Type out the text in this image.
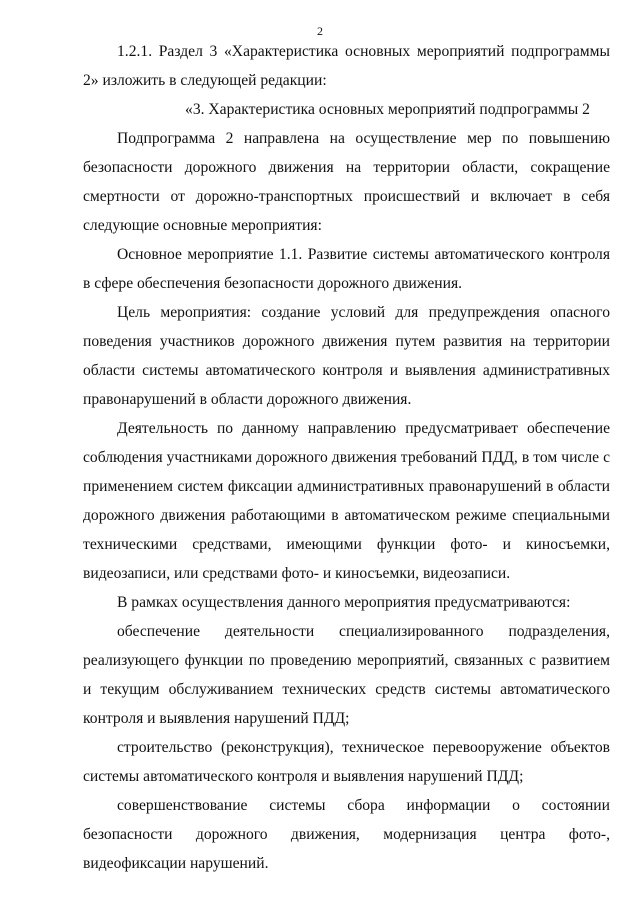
2

1.2.1. Раздел 3 «Характеристика основных мероприятий подпрограммы 2» изложить в следующей редакции:

«3. Характеристика основных мероприятий подпрограммы 2

Подпрограмма 2 направлена на осуществление мер по повышению безопасности дорожного движения на территории области, сокращение смертности от дорожно-транспортных происшествий и включает в себя следующие основные мероприятия:

Основное мероприятие 1.1. Развитие системы автоматического контроля в сфере обеспечения безопасности дорожного движения.

Цель мероприятия: создание условий для предупреждения опасного поведения участников дорожного движения путем развития на территории области системы автоматического контроля и выявления административных правонарушений в области дорожного движения.

Деятельность по данному направлению предусматривает обеспечение соблюдения участниками дорожного движения требований ПДД, в том числе с применением систем фиксации административных правонарушений в области дорожного движения работающими в автоматическом режиме специальными техническими средствами, имеющими функции фото- и киносъемки, видеозаписи, или средствами фото- и киносъемки, видеозаписи.

В рамках осуществления данного мероприятия предусматриваются:

обеспечение деятельности специализированного подразделения, реализующего функции по проведению мероприятий, связанных с развитием и текущим обслуживанием технических средств системы автоматического контроля и выявления нарушений ПДД;

строительство (реконструкция), техническое перевооружение объектов системы автоматического контроля и выявления нарушений ПДД;

совершенствование системы сбора информации о состоянии безопасности дорожного движения, модернизация центра фото-, видеофиксации нарушений.
